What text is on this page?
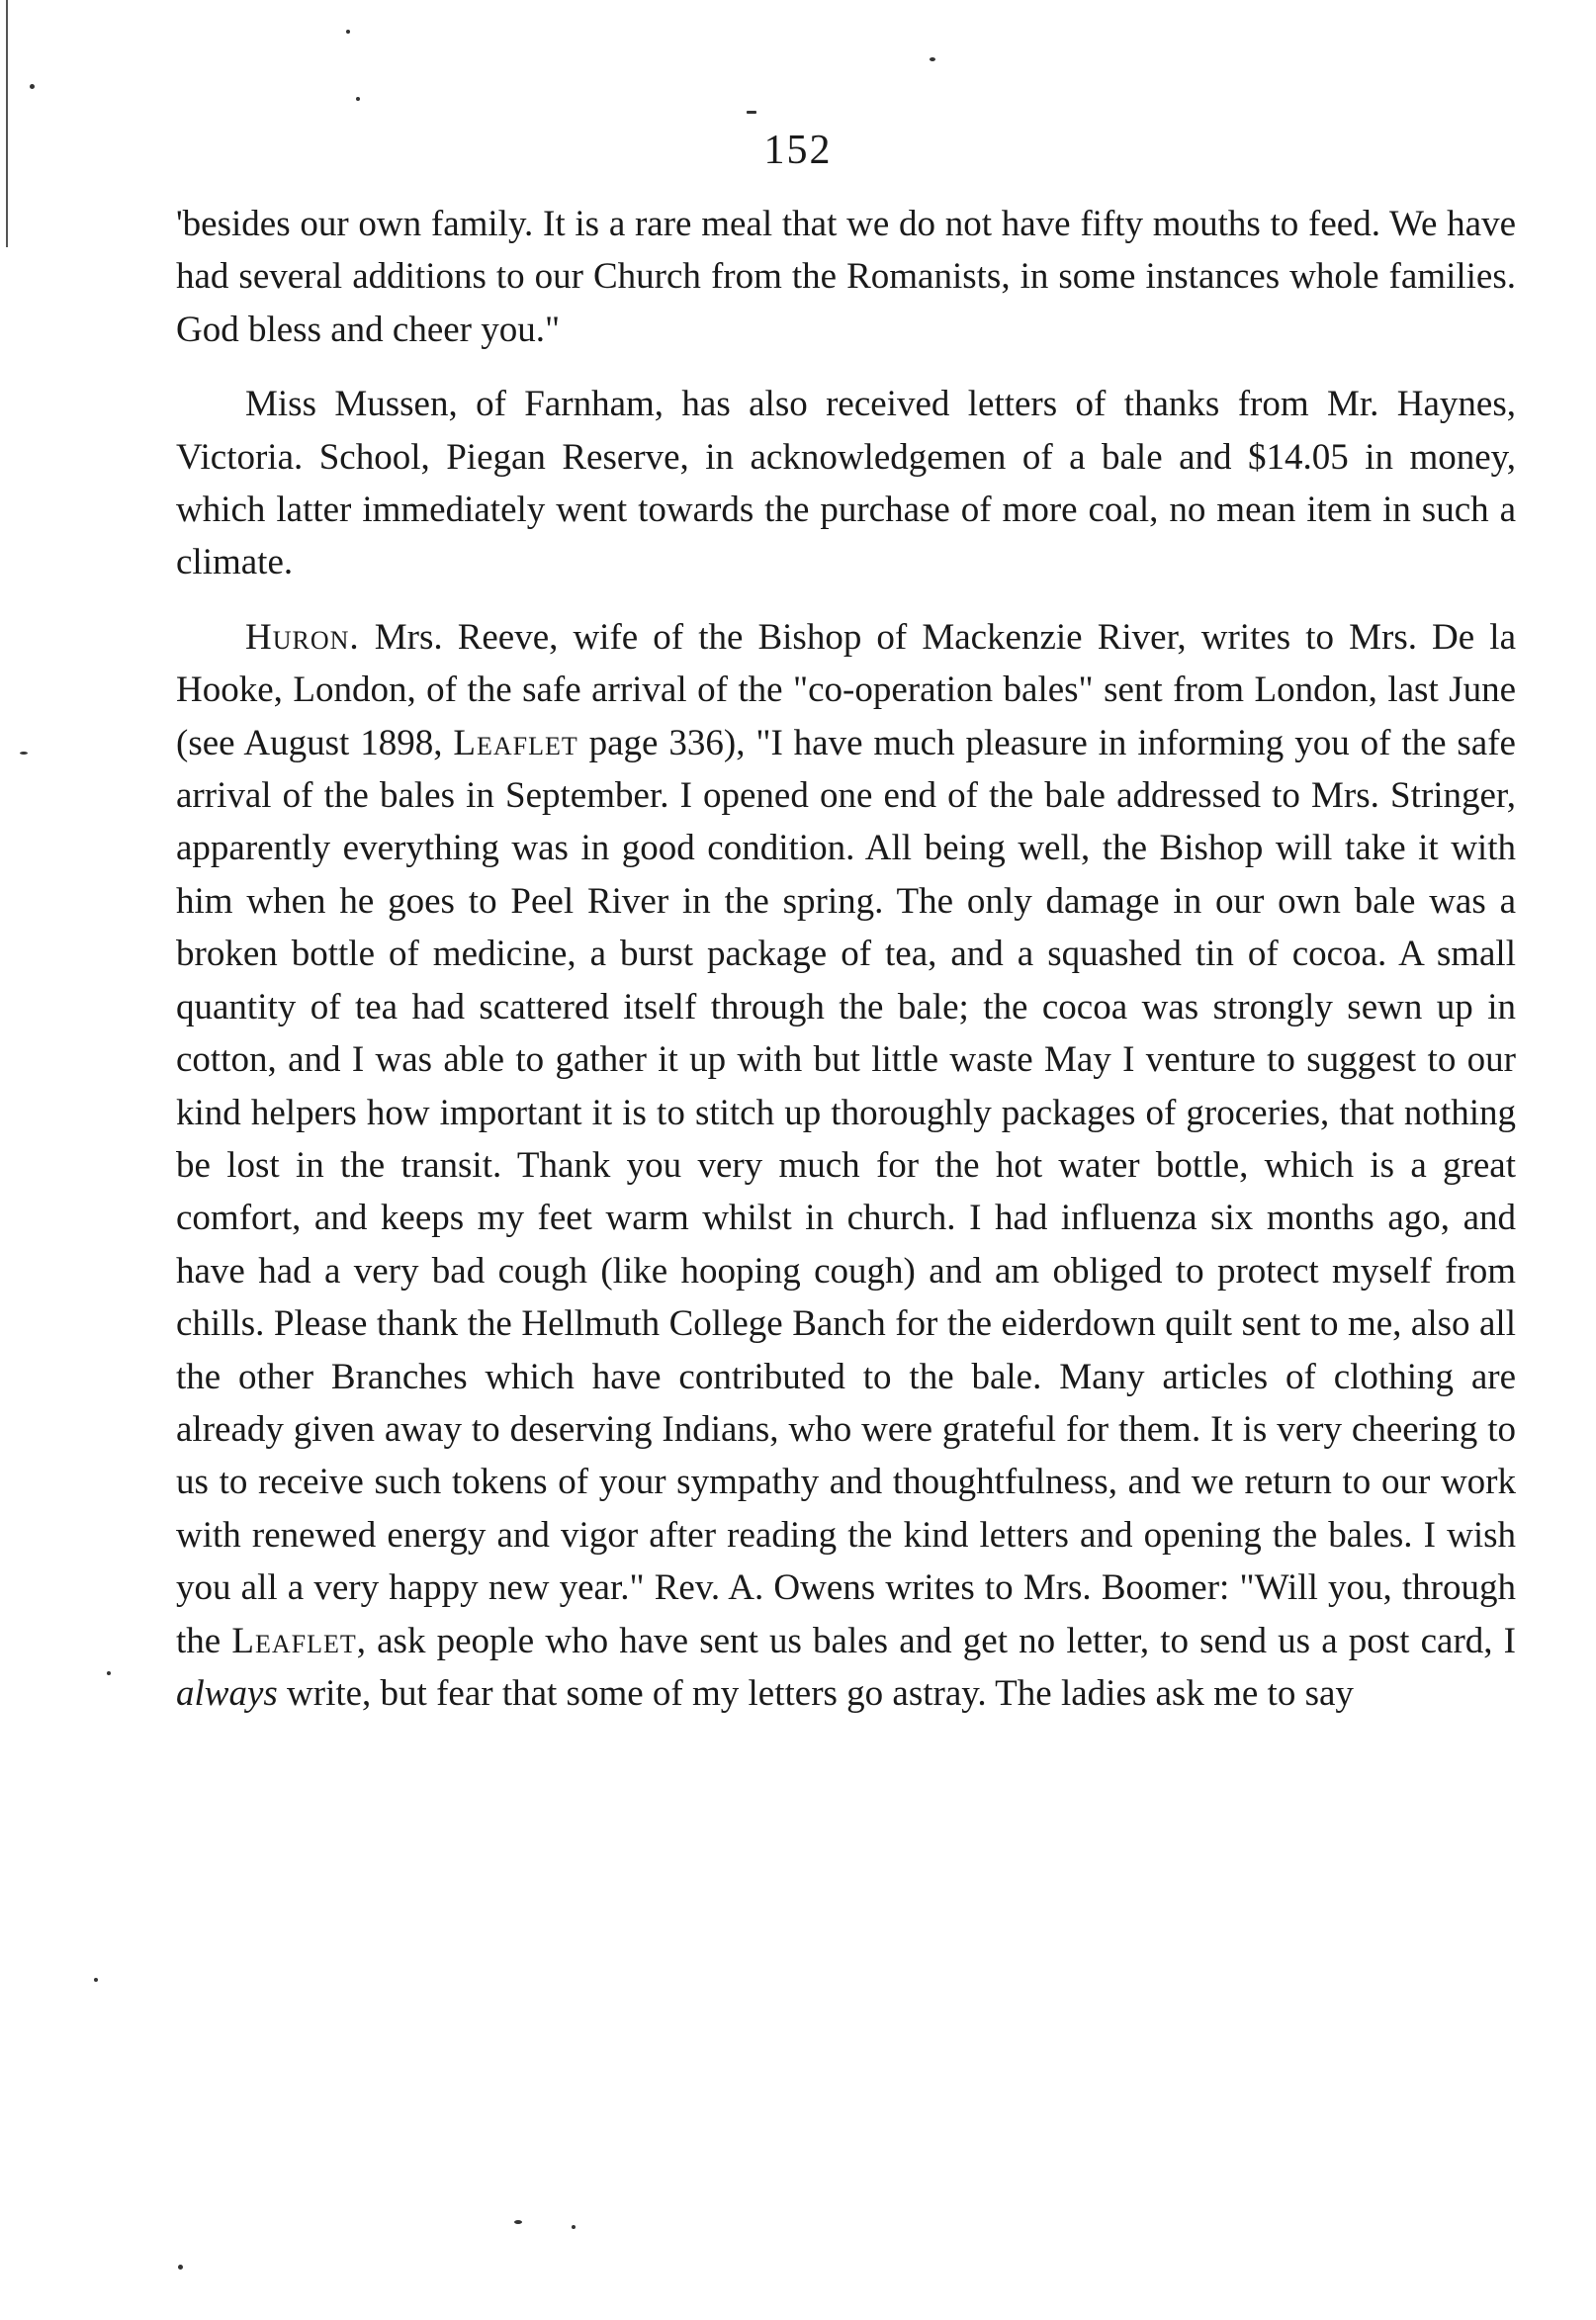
152

'besides our own family. It is a rare meal that we do not have fifty mouths to feed. We have had several additions to our Church from the Romanists, in some instances whole families. God bless and cheer you."

Miss Mussen, of Farnham, has also received letters of thanks from Mr. Haynes, Victoria. School, Piegan Reserve, in acknowledgemen of a bale and $14.05 in money, which latter immediately went towards the purchase of more coal, no mean item in such a climate.

Huron. Mrs. Reeve, wife of the Bishop of Mackenzie River, writes to Mrs. De la Hooke, London, of the safe arrival of the "co-operation bales" sent from London, last June (see August 1898, Leaflet page 336), "I have much pleasure in informing you of the safe arrival of the bales in September. I opened one end of the bale addressed to Mrs. Stringer, apparently everything was in good condition. All being well, the Bishop will take it with him when he goes to Peel River in the spring. The only damage in our own bale was a broken bottle of medicine, a burst package of tea, and a squashed tin of cocoa. A small quantity of tea had scattered itself through the bale; the cocoa was strongly sewn up in cotton, and I was able to gather it up with but little waste May I venture to suggest to our kind helpers how important it is to stitch up thoroughly packages of groceries, that nothing be lost in the transit. Thank you very much for the hot water bottle, which is a great comfort, and keeps my feet warm whilst in church. I had influenza six months ago, and have had a very bad cough (like hooping cough) and am obliged to protect myself from chills. Please thank the Hellmuth College Banch for the eiderdown quilt sent to me, also all the other Branches which have contributed to the bale. Many articles of clothing are already given away to deserving Indians, who were grateful for them. It is very cheering to us to receive such tokens of your sympathy and thoughtfulness, and we return to our work with renewed energy and vigor after reading the kind letters and opening the bales. I wish you all a very happy new year." Rev. A. Owens writes to Mrs. Boomer: "Will you, through the Leaflet, ask people who have sent us bales and get no letter, to send us a post card, I always write, but fear that some of my letters go astray. The ladies ask me to say
